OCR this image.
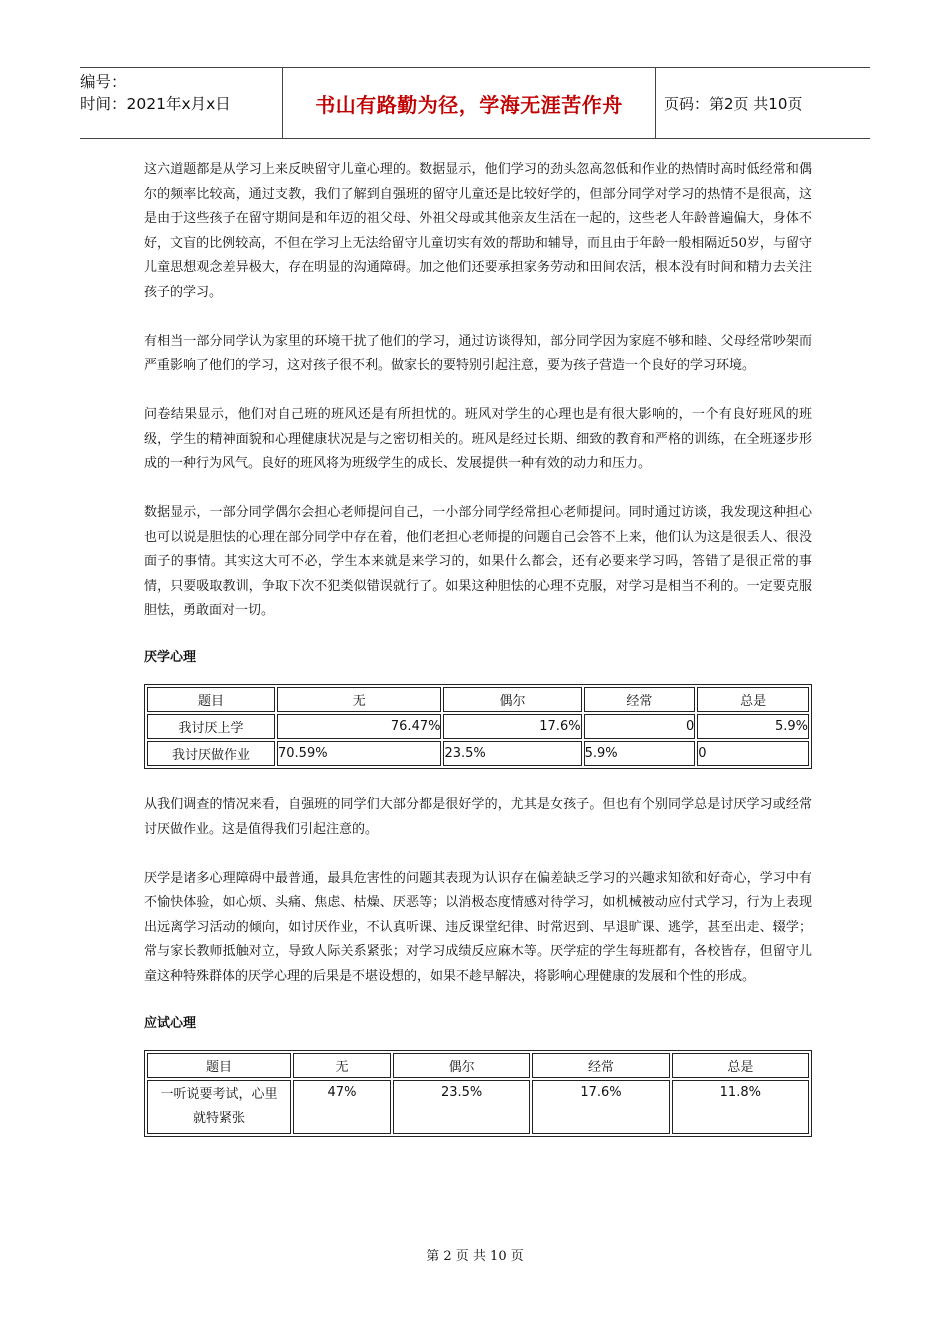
编号：
时间：2021年x月x日	书山有路勤为径，学海无涯苦作舟	页码：第2页 共10页

这六道题都是从学习上来反映留守儿童心理的。数据显示，他们学习的劲头忽高忽低和作业的热情时高时低经常和偶尔的频率比较高，通过支教，我们了解到自强班的留守儿童还是比较好学的，但部分同学对学习的热情不是很高，这是由于这些孩子在留守期间是和年迈的祖父母、外祖父母或其他亲友生活在一起的，这些老人年龄普遍偏大，身体不好，文盲的比例较高，不但在学习上无法给留守儿童切实有效的帮助和辅导，而且由于年龄一般相隔近50岁，与留守儿童思想观念差异极大，存在明显的沟通障碍。加之他们还要承担家务劳动和田间农活，根本没有时间和精力去关注孩子的学习。

有相当一部分同学认为家里的环境干扰了他们的学习，通过访谈得知，部分同学因为家庭不够和睦、父母经常吵架而严重影响了他们的学习，这对孩子很不利。做家长的要特别引起注意，要为孩子营造一个良好的学习环境。

问卷结果显示，他们对自己班的班风还是有所担忧的。班风对学生的心理也是有很大影响的，一个有良好班风的班级，学生的精神面貌和心理健康状况是与之密切相关的。班风是经过长期、细致的教育和严格的训练，在全班逐步形成的一种行为风气。良好的班风将为班级学生的成长、发展提供一种有效的动力和压力。

数据显示，一部分同学偶尔会担心老师提问自己，一小部分同学经常担心老师提问。同时通过访谈，我发现这种担心也可以说是胆怯的心理在部分同学中存在着，他们老担心老师提的问题自己会答不上来，他们认为这是很丢人、很没面子的事情。其实这大可不必，学生本来就是来学习的，如果什么都会，还有必要来学习吗，答错了是很正常的事情，只要吸取教训，争取下次不犯类似错误就行了。如果这种胆怯的心理不克服，对学习是相当不利的。一定要克服胆怯，勇敢面对一切。

厌学心理
题目	无	偶尔	经常	总是
我讨厌上学	76.47%	17.6%	0	5.9%
我讨厌做作业	70.59%	23.5%	5.9%	0

从我们调查的情况来看，自强班的同学们大部分都是很好学的，尤其是女孩子。但也有个别同学总是讨厌学习或经常讨厌做作业。这是值得我们引起注意的。

厌学是诸多心理障碍中最普通，最具危害性的问题其表现为认识存在偏差缺乏学习的兴趣求知欲和好奇心，学习中有不愉快体验，如心烦、头痛、焦虑、枯燥、厌恶等；以消极态度情感对待学习，如机械被动应付式学习，行为上表现出远离学习活动的倾向，如讨厌作业，不认真听课、违反课堂纪律、时常迟到、早退旷课、逃学，甚至出走、辍学；常与家长教师抵触对立，导致人际关系紧张；对学习成绩反应麻木等。厌学症的学生每班都有，各校皆存，但留守儿童这种特殊群体的厌学心理的后果是不堪设想的，如果不趁早解决，将影响心理健康的发展和个性的形成。

应试心理
题目	无	偶尔	经常	总是
一听说要考试，心里就特紧张	47%	23.5%	17.6%	11.8%
第 2 页 共 10 页
